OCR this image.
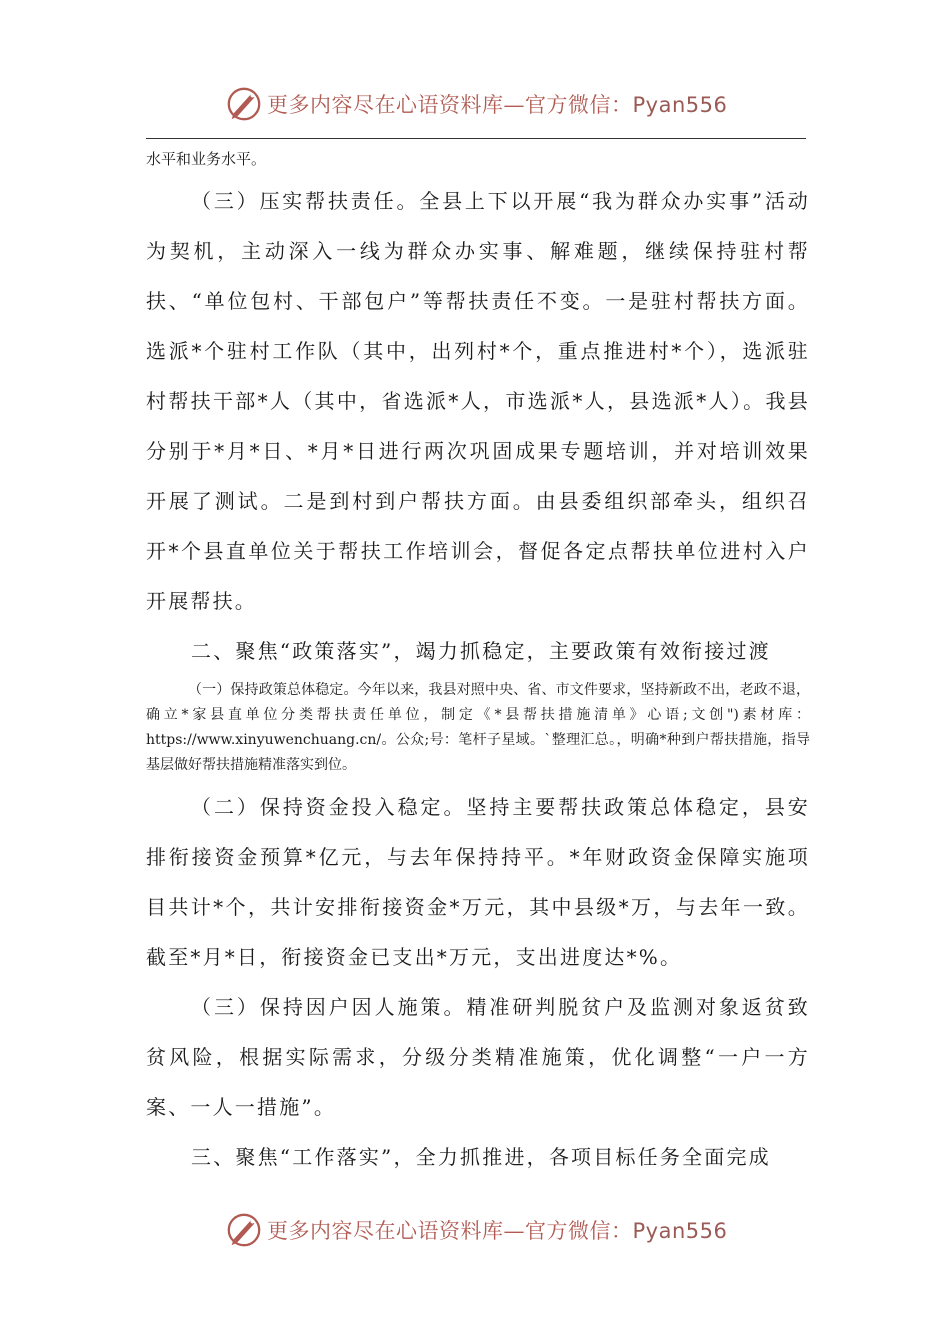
更多内容尽在心语资料库—官方微信：Pyan556

水平和业务水平。

（三）压实帮扶责任。全县上下以开展“我为群众办实事”活动为契机，主动深入一线为群众办实事、解难题，继续保持驻村帮扶、“单位包村、干部包户”等帮扶责任不变。一是驻村帮扶方面。选派*个驻村工作队（其中，出列村*个，重点推进村*个），选派驻村帮扶干部*人（其中，省选派*人，市选派*人，县选派*人）。我县分别于*月*日、*月*日进行两次巩固成果专题培训，并对培训效果开展了测试。二是到村到户帮扶方面。由县委组织部牵头，组织召开*个县直单位关于帮扶工作培训会，督促各定点帮扶单位进村入户开展帮扶。

二、聚焦“政策落实”，竭力抓稳定，主要政策有效衔接过渡

（一）保持政策总体稳定。今年以来，我县对照中央、省、市文件要求，坚持新政不出，老政不退，确立*家县直单位分类帮扶责任单位，制定《*县帮扶措施清单》心语;文创")素材库：https://www.xinyuwenchuang.cn/。公众;号：笔杆子星域。`整理汇总。，明确*种到户帮扶措施，指导基层做好帮扶措施精准落实到位。

（二）保持资金投入稳定。坚持主要帮扶政策总体稳定，县安排衔接资金预算*亿元，与去年保持持平。*年财政资金保障实施项目共计*个，共计安排衔接资金*万元，其中县级*万，与去年一致。截至*月*日，衔接资金已支出*万元，支出进度达*%。

（三）保持因户因人施策。精准研判脱贫户及监测对象返贫致贫风险，根据实际需求，分级分类精准施策，优化调整“一户一方案、一人一措施”。

三、聚焦“工作落实”，全力抓推进，各项目标任务全面完成

更多内容尽在心语资料库—官方微信：Pyan556
